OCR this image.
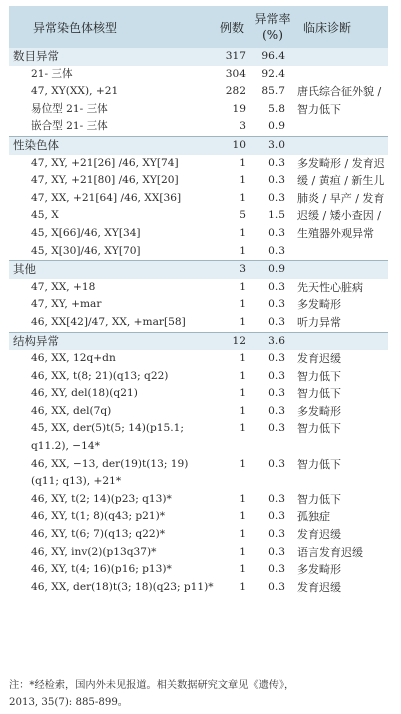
异常染色体核型	例数	异常率 (%)	临床诊断
数目异常	317	96.4	
21- 三体	304	92.4	
47, XY(XX), +21	282	85.7	唐氏综合征外貌 / 智力低下
易位型 21- 三体	19	5.8	
嵌合型 21- 三体	3	0.9	
性染色体	10	3.0	
47, XY, +21[26] /46, XY[74]	1	0.3	多发畸形 / 发育迟缓 / 黄疸 / 新生儿肺炎 / 早产 / 发育迟缓 / 矮小查因 / 生殖器外观异常
47, XY, +21[80] /46, XY[20]	1	0.3	
47, XX, +21[64] /46, XX[36]	1	0.3	
45, X	5	1.5	
45, X[66]/46, XY[34]	1	0.3	
45, X[30]/46, XY[70]	1	0.3	
其他	3	0.9	
47, XX, +18	1	0.3	先天性心脏病
47, XY, +mar	1	0.3	多发畸形
46, XX[42]/47, XX, +mar[58]	1	0.3	听力异常
结构异常	12	3.6	
46, XX, 12q+dn	1	0.3	发育迟缓
46, XX, t(8; 21)(q13; q22)	1	0.3	智力低下
46, XY, del(18)(q21)	1	0.3	智力低下
46, XX, del(7q)	1	0.3	多发畸形
45, XX, der(5)t(5; 14)(p15.1; q11.2), −14*	1	0.3	智力低下
46, XX, −13, der(19)t(13; 19)(q11; q13), +21*	1	0.3	智力低下
46, XY, t(2; 14)(p23; q13)*	1	0.3	智力低下
46, XY, t(1; 8)(q43; p21)*	1	0.3	孤独症
46, XY, t(6; 7)(q13; q22)*	1	0.3	发育迟缓
46, XY, inv(2)(p13q37)*	1	0.3	语言发育迟缓
46, XY, t(4; 16)(p16; p13)*	1	0.3	多发畸形
46, XX, der(18)t(3; 18)(q23; p11)*	1	0.3	发育迟缓
注：*经检索，国内外未见报道。相关数据研究文章见《遗传》，
2013, 35(7): 885-899。
